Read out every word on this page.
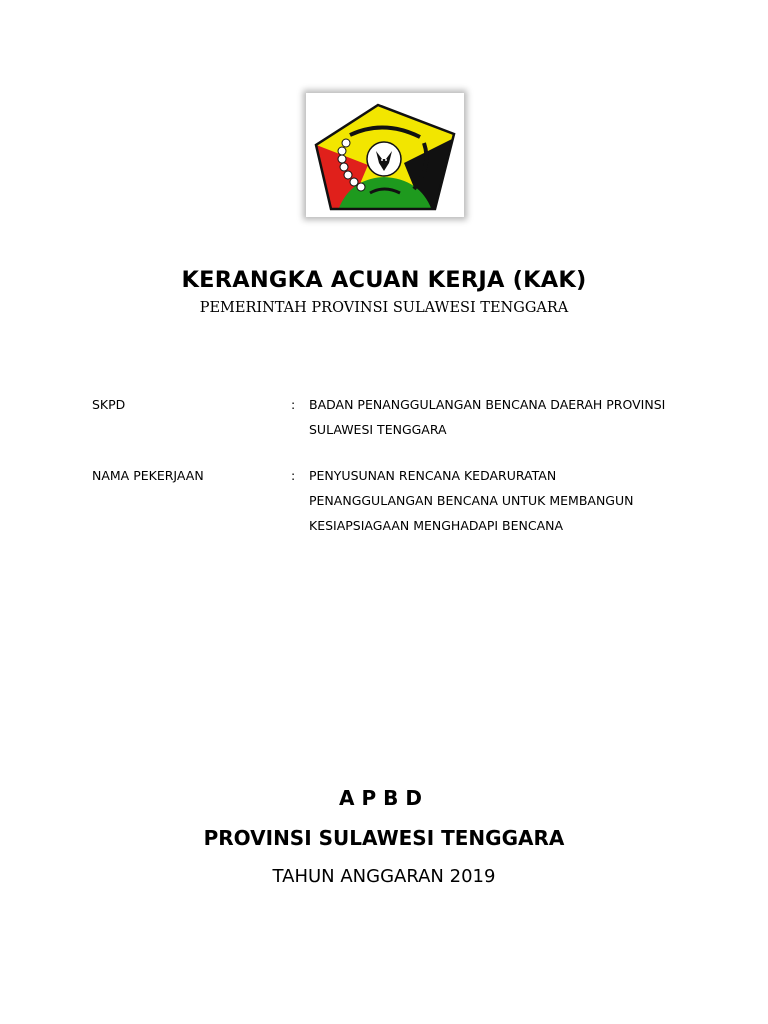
KERANGKA ACUAN KERJA (KAK)
PEMERINTAH PROVINSI SULAWESI TENGGARA
SKPD	: BADAN PENANGGULANGAN BENCANA DAERAH PROVINSI
SULAWESI TENGGARA
NAMA PEKERJAAN	: PENYUSUNAN RENCANA KEDARURATAN
PENANGGULANGAN BENCANA UNTUK MEMBANGUN
KESIAPSIAGAAN MENGHADAPI BENCANA
APBD
PROVINSI SULAWESI TENGGARA
TAHUN ANGGARAN 2019
